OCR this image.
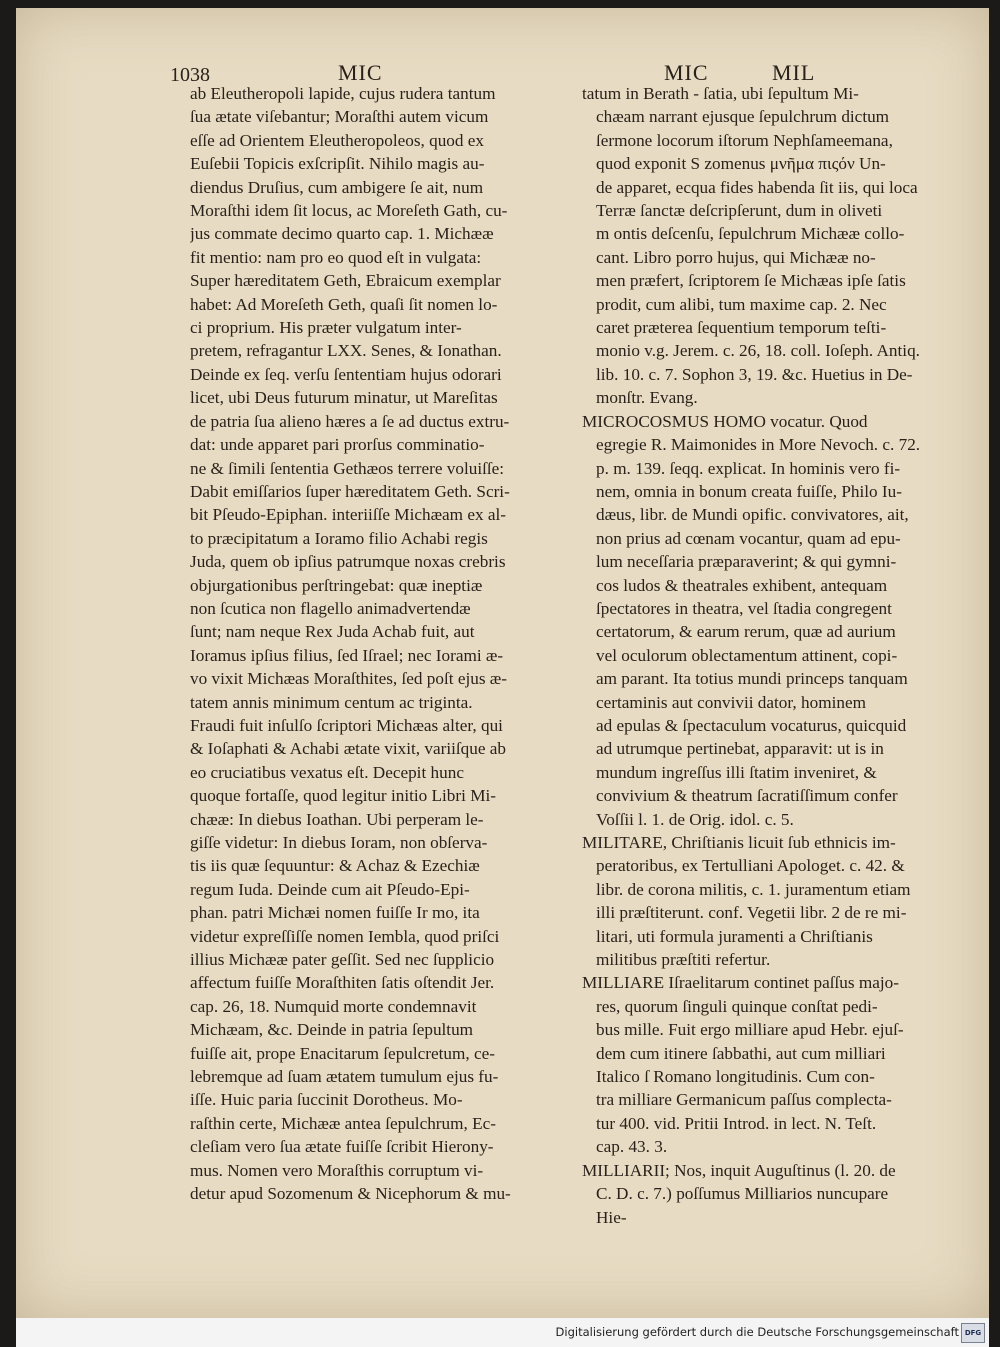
1038	MIC	MIC	MIL
ab Eleutheropoli lapide, cujus rudera tantum
ſua ætate viſebantur; Moraſthi autem vicum
eſſe ad Orientem Eleutheropoleos, quod ex
Euſebii Topicis exſcripſit. Nihilo magis au-
diendus Druſius, cum ambigere ſe ait, num
Moraſthi idem ſit locus, ac Moreſeth Gath, cu-
jus commate decimo quarto cap. 1. Michææ
fit mentio: nam pro eo quod eſt in vulgata:
Super hæreditatem Geth, Ebraicum exemplar
habet: Ad Moreſeth Geth, quaſi ſit nomen lo-
ci proprium. His præter vulgatum inter-
pretem, refragantur LXX. Senes, & Ionathan.
Deinde ex ſeq. verſu ſententiam hujus odorari
licet, ubi Deus futurum minatur, ut Mareſitas
de patria ſua alieno hæres a ſe ad ductus extru-
dat: unde apparet pari prorſus comminatio-
ne & ſimili ſententia Gethæos terrere voluiſſe:
Dabit emiſſarios ſuper hæreditatem Geth. Scri-
bit Pſeudo-Epiphan. interiiſſe Michæam ex al-
to præcipitatum a Ioramo filio Achabi regis
Juda, quem ob ipſius patrumque noxas crebris
objurgationibus perſtringebat: quæ ineptiæ
non ſcutica non flagello animadvertendæ
ſunt; nam neque Rex Juda Achab fuit, aut
Ioramus ipſius filius, ſed Iſrael; nec Iorami æ-
vo vixit Michæas Moraſthites, ſed poſt ejus æ-
tatem annis minimum centum ac triginta.
Fraudi fuit inſulſo ſcriptori Michæas alter, qui
& Ioſaphati & Achabi ætate vixit, variiſque ab
eo cruciatibus vexatus eſt. Decepit hunc
quoque fortaſſe, quod legitur initio Libri Mi-
chææ: In diebus Ioathan. Ubi perperam le-
giſſe videtur: In diebus Ioram, non obſerva-
tis iis quæ ſequuntur: & Achaz & Ezechiæ
regum Iuda. Deinde cum ait Pſeudo-Epi-
phan. patri Michæi nomen fuiſſe Ir mo, ita
videtur expreſſiſſe nomen Iembla, quod priſci
illius Michææ pater geſſit. Sed nec ſupplicio
affectum fuiſſe Moraſthiten ſatis oſtendit Jer.
cap. 26, 18. Numquid morte condemnavit
Michæam, &c. Deinde in patria ſepultum
fuiſſe ait, prope Enacitarum ſepulcretum, ce-
lebremque ad ſuam ætatem tumulum ejus fu-
iſſe. Huic paria ſuccinit Dorotheus. Mo-
raſthin certe, Michææ antea ſepulchrum, Ec-
cleſiam vero ſua ætate fuiſſe ſcribit Hierony-
mus. Nomen vero Moraſthis corruptum vi-
detur apud Sozomenum & Nicephorum & mu-
tatum in Berath - ſatia, ubi ſepultum Mi-
chæam narrant ejusque ſepulchrum dictum
ſermone locorum iſtorum Nephſameemana,
quod exponit S zomenus μνῆμα πιςόν Un-
de apparet, ecqua fides habenda ſit iis, qui loca
Terræ ſanctæ deſcripſerunt, dum in oliveti
m ontis deſcenſu, ſepulchrum Michææ collo-
cant. Libro porro hujus, qui Michææ no-
men præfert, ſcriptorem ſe Michæas ipſe ſatis
prodit, cum alibi, tum maxime cap. 2. Nec
caret præterea ſequentium temporum teſti-
monio v.g. Jerem. c. 26, 18. coll. Ioſeph. Antiq.
lib. 10. c. 7. Sophon 3, 19. &c. Huetius in De-
monſtr. Evang.
MICROCOSMUS HOMO vocatur. Quod
egregie R. Maimonides in More Nevoch. c. 72.
p. m. 139. ſeqq. explicat. In hominis vero fi-
nem, omnia in bonum creata fuiſſe, Philo Iu-
dæus, libr. de Mundi opific. convivatores, ait,
non prius ad cœnam vocantur, quam ad epu-
lum neceſſaria præparaverint; & qui gymni-
cos ludos & theatrales exhibent, antequam
ſpectatores in theatra, vel ſtadia congregent
certatorum, & earum rerum, quæ ad aurium
vel oculorum oblectamentum attinent, copi-
am parant. Ita totius mundi princeps tanquam
certaminis aut convivii dator, hominem
ad epulas & ſpectaculum vocaturus, quicquid
ad utrumque pertinebat, apparavit: ut is in
mundum ingreſſus illi ſtatim inveniret, &
convivium & theatrum ſacratiſſimum confer
Voſſii l. 1. de Orig. idol. c. 5.
MILITARE, Chriſtianis licuit ſub ethnicis im-
peratoribus, ex Tertulliani Apologet. c. 42. &
libr. de corona militis, c. 1. juramentum etiam
illi præſtiterunt. conf. Vegetii libr. 2 de re mi-
litari, uti formula juramenti a Chriſtianis
militibus præſtiti refertur.
MILLIARE Iſraelitarum continet paſſus majo-
res, quorum ſinguli quinque conſtat pedi-
bus mille. Fuit ergo milliare apud Hebr. ejuſ-
dem cum itinere ſabbathi, aut cum milliari
Italico ſ Romano longitudinis. Cum con-
tra milliare Germanicum paſſus complecta-
tur 400. vid. Pritii Introd. in lect. N. Teſt.
cap. 43. 3.
MILLIARII; Nos, inquit Auguſtinus (l. 20. de
C. D. c. 7.) poſſumus Milliarios nuncupare
Hie-
Digitalisierung gefördert durch die Deutsche Forschungsgemeinschaft DFG
